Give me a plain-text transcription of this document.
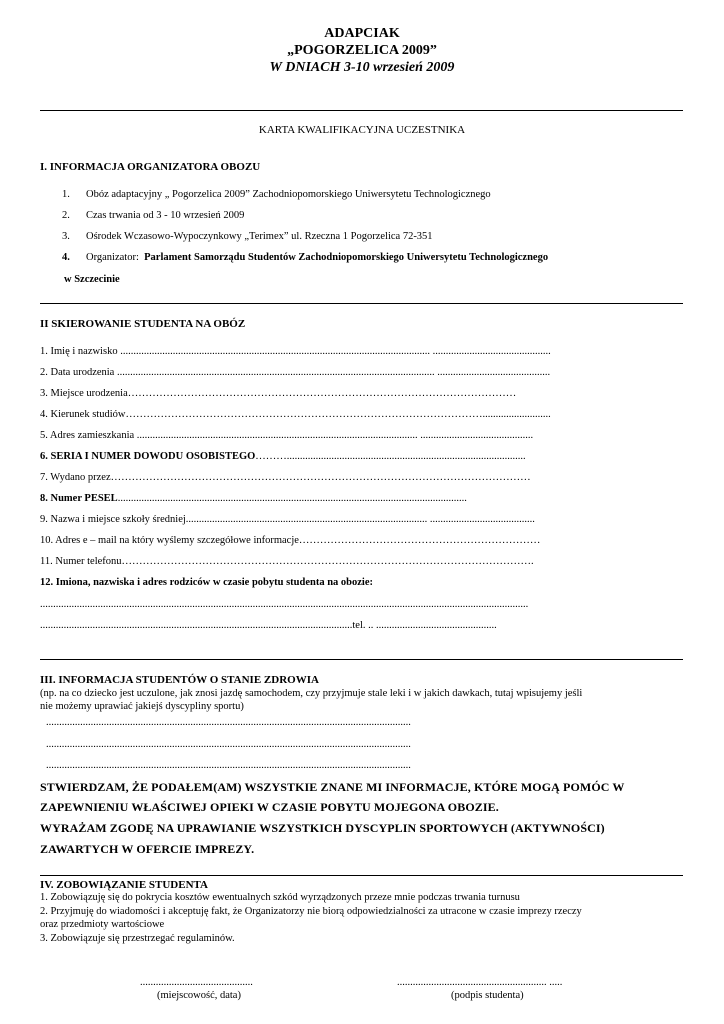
ADAPCIAK
„POGORZELICA 2009”
W DNIACH 3-10 wrzesień 2009
KARTA KWALIFIKACYJNA UCZESTNIKA
I. INFORMACJA ORGANIZATORA OBOZU
1. Obóz adaptacyjny „ Pogorzelica 2009” Zachodniopomorskiego Uniwersytetu Technologicznego
2. Czas trwania od 3 - 10 wrzesień 2009
3. Ośrodek Wczasowo-Wypoczynkowy „Terimex” ul. Rzeczna 1 Pogorzelica 72-351
4. Organizator: Parlament Samorządu Studentów Zachodniopomorskiego Uniwersytetu Technologicznego
w Szczecinie
II SKIEROWANIE STUDENTA NA OBÓZ
1. Imię i nazwisko ...................................................................................................................... .............................................
2. Data urodzenia ......................................................................................................................... ...........................................
3. Miejsce urodzenia…………………………………………………………………………………………………
4. Kierunek studiów…………………………………………………………………………………………..........................
5. Adres zamieszkania ........................................................................................................... ...........................................
6. SERIA I NUMER DOWODU OSOBISTEGO………...........................................................................................
7. Wydano przez…………………………………………………………………………………………………………
8. Numer PESEL.....................................................................................................................................
9. Nazwa i miejsce szkoły średniej............................................................................................ ........................................
10. Adres e – mail na który wyślemy szczegółowe informacje……………………………………………………………
11. Numer telefonu……………………………………………………………………………………………………….
12. Imiona, nazwiska i adres rodziców w czasie pobytu studenta na obozie:
..........................................................................................................................................................................................
.......................................................................................................................tel. .. ..............................................
III. INFORMACJA STUDENTÓW O STANIE ZDROWIA
(np. na co dziecko jest uczulone, jak znosi jazdę samochodem, czy przyjmuje stale leki i w jakich dawkach, tutaj wpisujemy jeśli
nie możemy uprawiać jakiejś dyscypliny sportu)
...........................................................................................................................................
...........................................................................................................................................
...........................................................................................................................................
STWIERDZAM, ŻE PODAŁEM(AM) WSZYSTKIE ZNANE MI INFORMACJE, KTÓRE MOGĄ POMÓC W
ZAPEWNIENIU WŁAŚCIWEJ OPIEKI W CZASIE POBYTU MOJEGONA OBOZIE.
WYRAŻAM ZGODĘ NA UPRAWIANIE WSZYSTKICH DYSCYPLIN SPORTOWYCH (AKTYWNOŚCI)
ZAWARTYCH W OFERCIE IMPREZY.
IV. ZOBOWIĄZANIE STUDENTA
1. Zobowiązuję się do pokrycia kosztów ewentualnych szkód wyrządzonych przeze mnie podczas trwania turnusu
2. Przyjmuję do wiadomości i akceptuję fakt, że Organizatorzy nie biorą odpowiedzialności za utracone w czasie imprezy rzeczy
oraz przedmioty wartościowe
3. Zobowiązuje się przestrzegać regulaminów.
...........................................
(miejscowość, data)
......................................................... .....
(podpis studenta)
